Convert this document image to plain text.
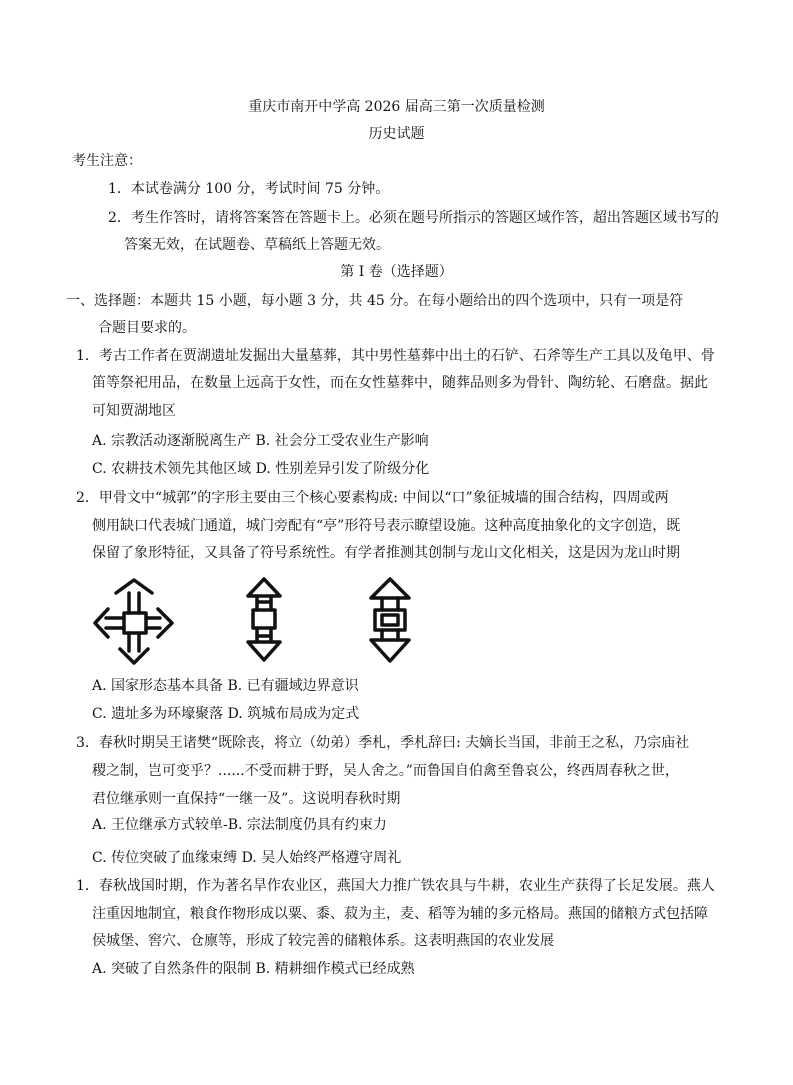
重庆市南开中学高 2026 届高三第一次质量检测
历史试题
考生注意：
1．本试卷满分 100 分，考试时间 75 分钟。
2．考生作答时，请将答案答在答题卡上。必须在题号所指示的答题区域作答，超出答题区域书写的
答案无效，在试题卷、草稿纸上答题无效。
第 I 卷（选择题）
一、选择题：本题共 15 小题，每小题 3 分，共 45 分。在每小题给出的四个选项中，只有一项是符
合题目要求的。
1．考古工作者在贾湖遗址发掘出大量墓葬，其中男性墓葬中出土的石铲、石斧等生产工具以及龟甲、骨
笛等祭祀用品，在数量上远高于女性，而在女性墓葬中，随葬品则多为骨针、陶纺轮、石磨盘。据此
可知贾湖地区
A. 宗教活动逐渐脱离生产 B. 社会分工受农业生产影响
C. 农耕技术领先其他区域 D. 性别差异引发了阶级分化
2．甲骨文中“城郭”的字形主要由三个核心要素构成: 中间以“口”象征城墙的围合结构，四周或两
侧用缺口代表城门通道，城门旁配有“亭”形符号表示瞭望设施。这种高度抽象化的文字创造，既
保留了象形特征，又具备了符号系统性。有学者推测其创制与龙山文化相关，这是因为龙山时期
A. 国家形态基本具备 B. 已有疆域边界意识
C. 遗址多为环壕聚落 D. 筑城布局成为定式
3．春秋时期吴王诸樊“既除丧，将立（幼弟）季札，季札辞曰: 夫嫡长当国，非前王之私，乃宗庙社
稷之制，岂可变乎？......不受而耕于野，吴人舍之。”而鲁国自伯禽至鲁哀公，终西周春秋之世，
君位继承则一直保持“一继一及”。这说明春秋时期
A. 王位继承方式较单-B. 宗法制度仍具有约束力
C. 传位突破了血缘束缚 D. 吴人始终严格遵守周礼
1．春秋战国时期，作为著名旱作农业区，燕国大力推广铁农具与牛耕，农业生产获得了长足发展。燕人
注重因地制宜，粮食作物形成以粟、黍、菽为主，麦、稻等为辅的多元格局。燕国的储粮方式包括障
侯城堡、窖穴、仓廪等，形成了较完善的储粮体系。这表明燕国的农业发展
A. 突破了自然条件的限制 B. 精耕细作模式已经成熟
